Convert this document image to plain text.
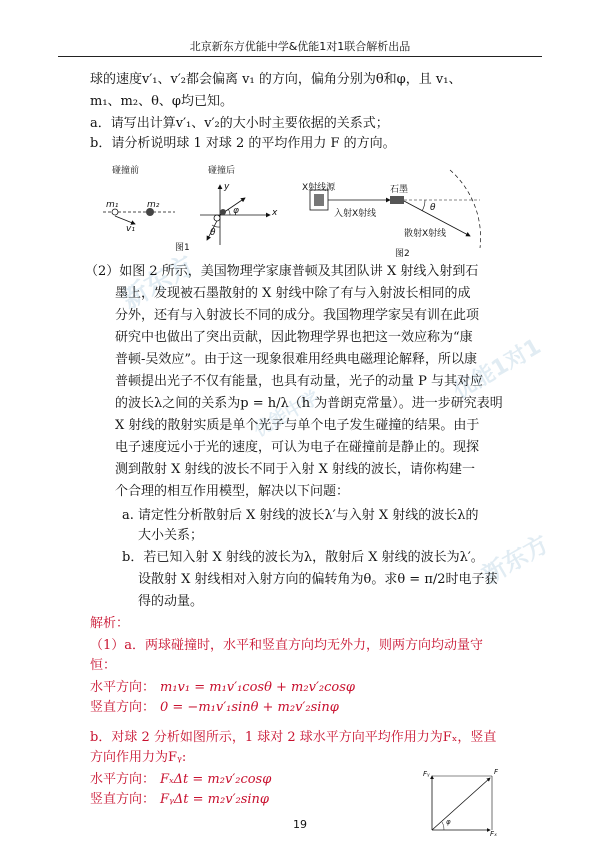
北京新东方优能中学&优能1对1联合解析出品
新东方
优能1对1
优能中学
新东方
球的速度v′₁、v′₂都会偏离 v₁ 的方向，偏角分别为θ和φ，且 v₁、
m₁、m₂、θ、φ均已知。
a．请写出计算v′₁、v′₂的大小时主要依据的关系式；
b．请分析说明球 1 对球 2 的平均作用力 F 的方向。
碰撞前	碰撞后
m₁	m₂
v₁
x
y
θ
φ
图1
X射线源	石墨
入射X射线
散射X射线
θ
图2
（2）如图 2 所示，美国物理学家康普顿及其团队讲 X 射线入射到石
墨上，发现被石墨散射的 X 射线中除了有与入射波长相同的成
分外，还有与入射波长不同的成分。我国物理学家吴有训在此项
研究中也做出了突出贡献，因此物理学界也把这一效应称为“康
普顿-吴效应”。由于这一现象很难用经典电磁理论解释，所以康
普顿提出光子不仅有能量，也具有动量，光子的动量 P 与其对应
的波长λ之间的关系为p = h/λ（h 为普朗克常量）。进一步研究表明
X 射线的散射实质是单个光子与单个电子发生碰撞的结果。由于
电子速度远小于光的速度，可认为电子在碰撞前是静止的。现探
测到散射 X 射线的波长不同于入射 X 射线的波长，请你构建一
个合理的相互作用模型，解决以下问题：
a. 请定性分析散射后 X 射线的波长λ′与入射 X 射线的波长λ的
大小关系；
b．若已知入射 X 射线的波长为λ，散射后 X 射线的波长为λ′。
设散射 X 射线相对入射方向的偏转角为θ。求θ = π/2时电子获
得的动量。
解析：
（1）a．两球碰撞时，水平和竖直方向均无外力，则两方向均动量守
恒：
水平方向： m₁v₁ = m₁v′₁cosθ + m₂v′₂cosφ
竖直方向： 0 = −m₁v′₁sinθ + m₂v′₂sinφ
b．对球 2 分析如图所示，1 球对 2 球水平方向平均作用力为Fₓ，竖直
方向作用力为Fᵧ:
水平方向： FₓΔt = m₂v′₂cosφ
竖直方向： FᵧΔt = m₂v′₂sinφ
Fᵧ	F
Fₓ
φ
19
